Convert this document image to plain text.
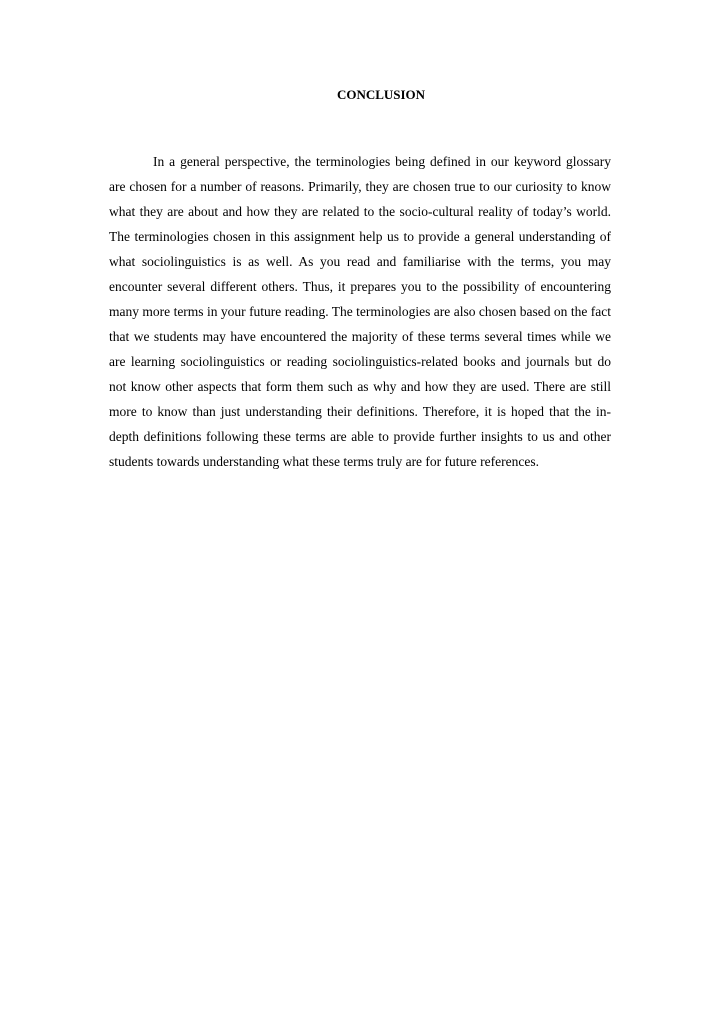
CONCLUSION

In a general perspective, the terminologies being defined in our keyword glossary are chosen for a number of reasons. Primarily, they are chosen true to our curiosity to know what they are about and how they are related to the socio-cultural reality of today’s world. The terminologies chosen in this assignment help us to provide a general understanding of what sociolinguistics is as well. As you read and familiarise with the terms, you may encounter several different others. Thus, it prepares you to the possibility of encountering many more terms in your future reading. The terminologies are also chosen based on the fact that we students may have encountered the majority of these terms several times while we are learning sociolinguistics or reading sociolinguistics-related books and journals but do not know other aspects that form them such as why and how they are used. There are still more to know than just understanding their definitions. Therefore, it is hoped that the in-depth definitions following these terms are able to provide further insights to us and other students towards understanding what these terms truly are for future references.
